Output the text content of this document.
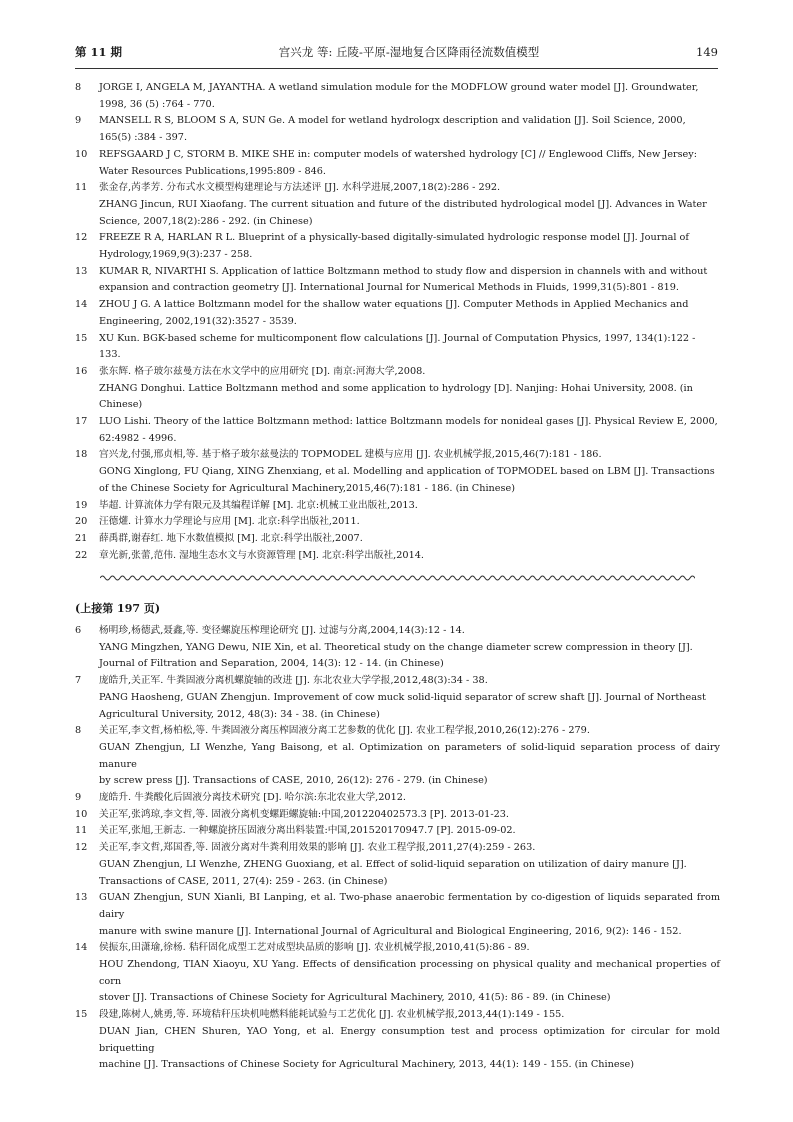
第 11 期	宫兴龙 等: 丘陵-平原-湿地复合区降雨径流数值模型	149
8	JORGE I, ANGELA M, JAYANTHA. A wetland simulation module for the MODFLOW ground water model [J]. Groundwater,
1998, 36 (5) :764 - 770.
9	MANSELL R S, BLOOM S A, SUN Ge. A model for wetland hydrologx description and validation [J]. Soil Science, 2000,
165(5) :384 - 397.
10	REFSGAARD J C, STORM B. MIKE SHE in: computer models of watershed hydrology [C] // Englewood Cliffs, New Jersey:
Water Resources Publications,1995:809 - 846.
11	张金存,芮孝芳. 分布式水文模型构建理论与方法述评 [J]. 水科学进展,2007,18(2):286 - 292.
ZHANG Jincun, RUI Xiaofang. The current situation and future of the distributed hydrological model [J]. Advances in Water
Science, 2007,18(2):286 - 292. (in Chinese)
12	FREEZE R A, HARLAN R L. Blueprint of a physically-based digitally-simulated hydrologic response model [J]. Journal of
Hydrology,1969,9(3):237 - 258.
13	KUMAR R, NIVARTHI S. Application of lattice Boltzmann method to study flow and dispersion in channels with and without
expansion and contraction geometry [J]. International Journal for Numerical Methods in Fluids, 1999,31(5):801 - 819.
14	ZHOU J G. A lattice Boltzmann model for the shallow water equations [J]. Computer Methods in Applied Mechanics and
Engineering, 2002,191(32):3527 - 3539.
15	XU Kun. BGK-based scheme for multicomponent flow calculations [J]. Journal of Computation Physics, 1997, 134(1):122 -
133.
16	张东辉. 格子玻尔兹曼方法在水文学中的应用研究 [D]. 南京:河海大学,2008.
ZHANG Donghui. Lattice Boltzmann method and some application to hydrology [D]. Nanjing: Hohai University, 2008. (in
Chinese)
17	LUO Lishi. Theory of the lattice Boltzmann method: lattice Boltzmann models for nonideal gases [J]. Physical Review E, 2000,
62:4982 - 4996.
18	宫兴龙,付强,邢贞相,等. 基于格子玻尔兹曼法的 TOPMODEL 建模与应用 [J]. 农业机械学报,2015,46(7):181 - 186.
GONG Xinglong, FU Qiang, XING Zhenxiang, et al. Modelling and application of TOPMODEL based on LBM [J]. Transactions
of the Chinese Society for Agricultural Machinery,2015,46(7):181 - 186. (in Chinese)
19	毕超. 计算流体力学有限元及其编程详解 [M]. 北京:机械工业出版社,2013.
20	汪德爟. 计算水力学理论与应用 [M]. 北京:科学出版社,2011.
21	薛禹群,谢春红. 地下水数值模拟 [M]. 北京:科学出版社,2007.
22	章光新,张蕾,范伟. 湿地生态水文与水资源管理 [M]. 北京:科学出版社,2014.
(上接第 197 页)
6	杨明珍,杨德武,聂鑫,等. 变径螺旋压榨理论研究 [J]. 过滤与分离,2004,14(3):12 - 14.
YANG Mingzhen, YANG Dewu, NIE Xin, et al. Theoretical study on the change diameter screw compression in theory [J].
Journal of Filtration and Separation, 2004, 14(3): 12 - 14. (in Chinese)
7	庞皓升,关正军. 牛粪固液分离机螺旋轴的改进 [J]. 东北农业大学学报,2012,48(3):34 - 38.
PANG Haosheng, GUAN Zhengjun. Improvement of cow muck solid-liquid separator of screw shaft [J]. Journal of Northeast
Agricultural University, 2012, 48(3): 34 - 38. (in Chinese)
8	关正军,李文哲,杨柏松,等. 牛粪固液分离压榨固液分离工艺参数的优化 [J]. 农业工程学报,2010,26(12):276 - 279.
GUAN Zhengjun, LI Wenzhe, Yang Baisong, et al. Optimization on parameters of solid-liquid separation process of dairy manure
by screw press [J]. Transactions of CASE, 2010, 26(12): 276 - 279. (in Chinese)
9	庞皓升. 牛粪酸化后固液分离技术研究 [D]. 哈尔滨:东北农业大学,2012.
10	关正军,张鸿琼,李文哲,等. 固液分离机变螺距螺旋轴:中国,201220402573.3 [P]. 2013-01-23.
11	关正军,张旭,王新志. 一种螺旋挤压固液分离出料装置:中国,201520170947.7 [P]. 2015-09-02.
12	关正军,李文哲,郑国香,等. 固液分离对牛粪利用效果的影响 [J]. 农业工程学报,2011,27(4):259 - 263.
GUAN Zhengjun, LI Wenzhe, ZHENG Guoxiang, et al. Effect of solid-liquid separation on utilization of dairy manure [J].
Transactions of CASE, 2011, 27(4): 259 - 263. (in Chinese)
13	GUAN Zhengjun, SUN Xianli, BI Lanping, et al. Two-phase anaerobic fermentation by co-digestion of liquids separated from dairy
manure with swine manure [J]. International Journal of Agricultural and Biological Engineering, 2016, 9(2): 146 - 152.
14	侯振东,田潇瑜,徐杨. 秸秆固化成型工艺对成型块品质的影响 [J]. 农业机械学报,2010,41(5):86 - 89.
HOU Zhendong, TIAN Xiaoyu, XU Yang. Effects of densification processing on physical quality and mechanical properties of corn
stover [J]. Transactions of Chinese Society for Agricultural Machinery, 2010, 41(5): 86 - 89. (in Chinese)
15	段建,陈树人,姚勇,等. 环境秸秆压块机吨燃料能耗试验与工艺优化 [J]. 农业机械学报,2013,44(1):149 - 155.
DUAN Jian, CHEN Shuren, YAO Yong, et al. Energy consumption test and process optimization for circular for mold briquetting
machine [J]. Transactions of Chinese Society for Agricultural Machinery, 2013, 44(1): 149 - 155. (in Chinese)
